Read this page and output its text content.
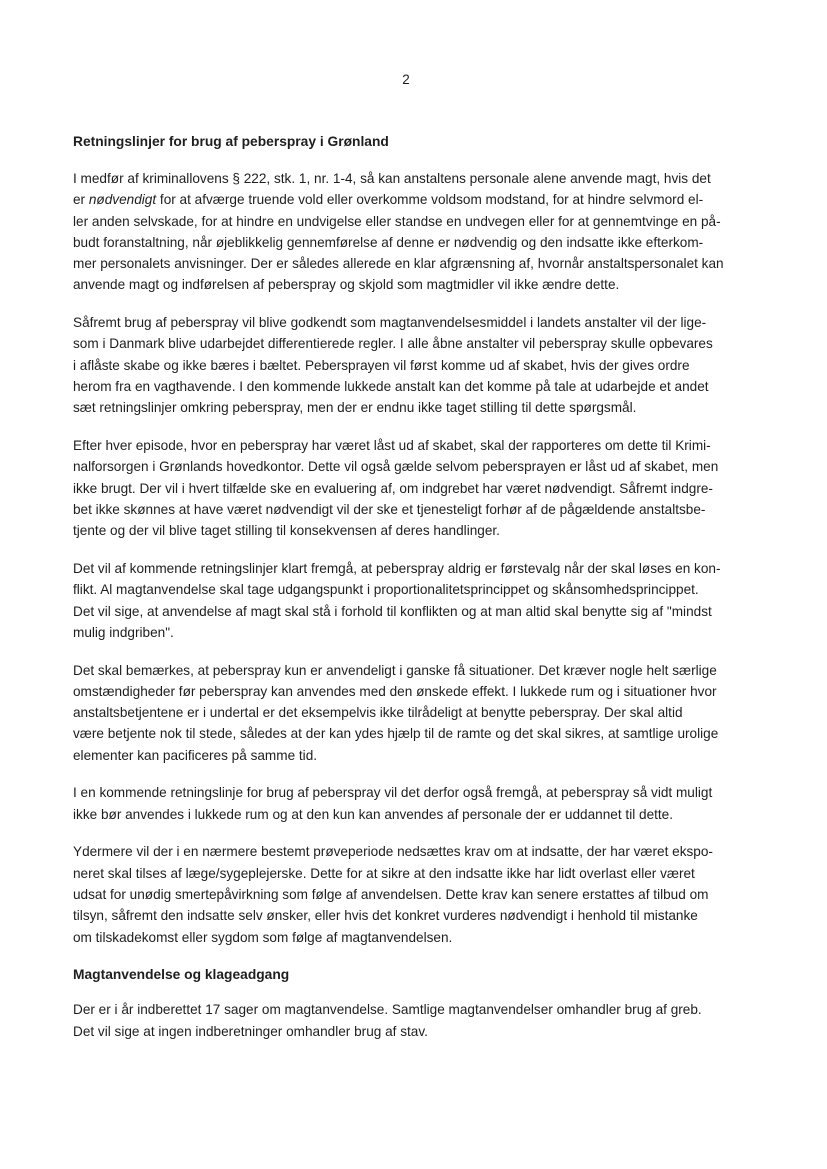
2
Retningslinjer for brug af peberspray i Grønland
I medfør af kriminallovens § 222, stk. 1, nr. 1-4, så kan anstaltens personale alene anvende magt, hvis det
er nødvendigt for at afværge truende vold eller overkomme voldsom modstand, for at hindre selvmord el-
ler anden selvskade, for at hindre en undvigelse eller standse en undvegen eller for at gennemtvinge en på-
budt foranstaltning, når øjeblikkelig gennemførelse af denne er nødvendig og den indsatte ikke efterkom-
mer personalets anvisninger. Der er således allerede en klar afgrænsning af, hvornår anstaltspersonalet kan
anvende magt og indførelsen af peberspray og skjold som magtmidler vil ikke ændre dette.
Såfremt brug af peberspray vil blive godkendt som magtanvendelsesmiddel i landets anstalter vil der lige-
som i Danmark blive udarbejdet differentierede regler. I alle åbne anstalter vil peberspray skulle opbevares
i aflåste skabe og ikke bæres i bæltet. Pebersprayen vil først komme ud af skabet, hvis der gives ordre
herom fra en vagthavende. I den kommende lukkede anstalt kan det komme på tale at udarbejde et andet
sæt retningslinjer omkring peberspray, men der er endnu ikke taget stilling til dette spørgsmål.
Efter hver episode, hvor en peberspray har været låst ud af skabet, skal der rapporteres om dette til Krimi-
nalforsorgen i Grønlands hovedkontor. Dette vil også gælde selvom pebersprayen er låst ud af skabet, men
ikke brugt. Der vil i hvert tilfælde ske en evaluering af, om indgrebet har været nødvendigt. Såfremt indgre-
bet ikke skønnes at have været nødvendigt vil der ske et tjenesteligt forhør af de pågældende anstaltsbe-
tjente og der vil blive taget stilling til konsekvensen af deres handlinger.
Det vil af kommende retningslinjer klart fremgå, at peberspray aldrig er førstevalg når der skal løses en kon-
flikt. Al magtanvendelse skal tage udgangspunkt i proportionalitetsprincippet og skånsomhedsprincippet.
Det vil sige, at anvendelse af magt skal stå i forhold til konflikten og at man altid skal benytte sig af "mindst
mulig indgriben".
Det skal bemærkes, at peberspray kun er anvendeligt i ganske få situationer. Det kræver nogle helt særlige
omstændigheder før peberspray kan anvendes med den ønskede effekt. I lukkede rum og i situationer hvor
anstaltsbetjentene er i undertal er det eksempelvis ikke tilrådeligt at benytte peberspray. Der skal altid
være betjente nok til stede, således at der kan ydes hjælp til de ramte og det skal sikres, at samtlige urolige
elementer kan pacificeres på samme tid.
I en kommende retningslinje for brug af peberspray vil det derfor også fremgå, at peberspray så vidt muligt
ikke bør anvendes i lukkede rum og at den kun kan anvendes af personale der er uddannet til dette.
Ydermere vil der i en nærmere bestemt prøveperiode nedsættes krav om at indsatte, der har været ekspo-
neret skal tilses af læge/sygeplejerske. Dette for at sikre at den indsatte ikke har lidt overlast eller været
udsat for unødig smertepåvirkning som følge af anvendelsen. Dette krav kan senere erstattes af tilbud om
tilsyn, såfremt den indsatte selv ønsker, eller hvis det konkret vurderes nødvendigt i henhold til mistanke
om tilskadekomst eller sygdom som følge af magtanvendelsen.
Magtanvendelse og klageadgang
Der er i år indberettet 17 sager om magtanvendelse. Samtlige magtanvendelser omhandler brug af greb.
Det vil sige at ingen indberetninger omhandler brug af stav.
